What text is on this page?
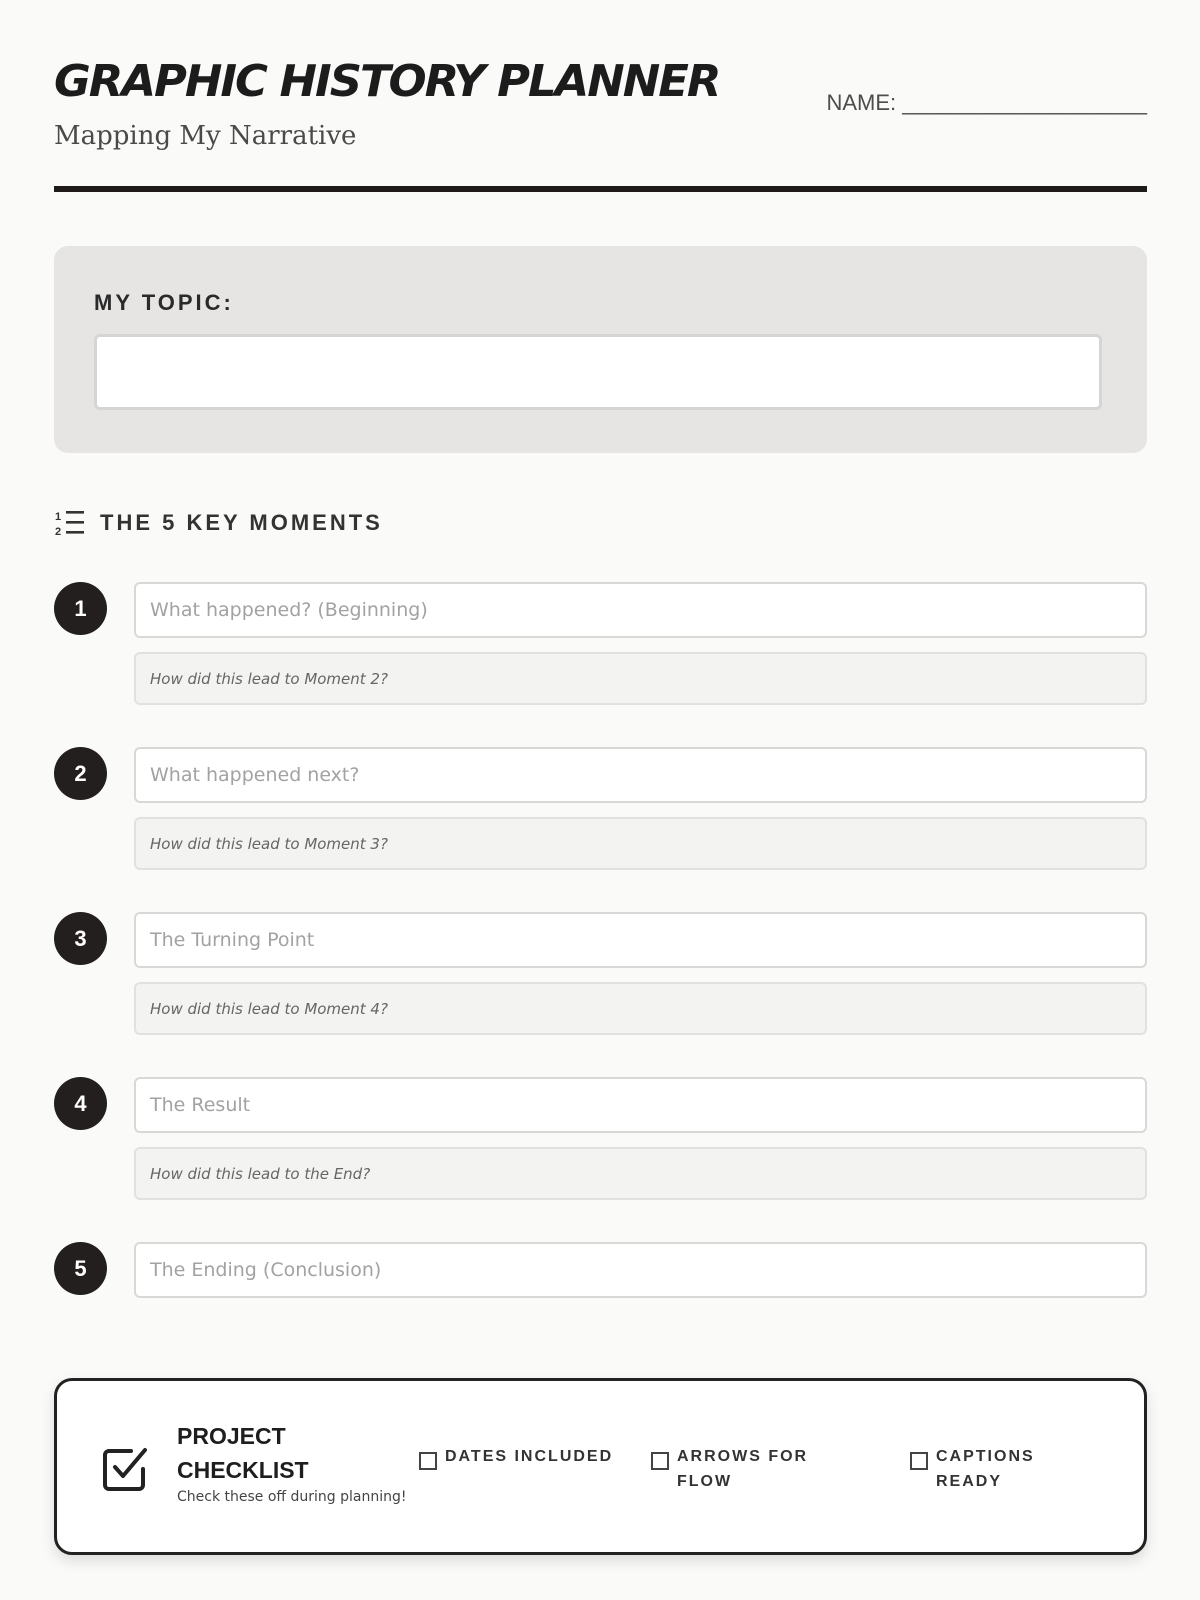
GRAPHIC HISTORY PLANNER
Mapping My Narrative
NAME: ____________________
MY TOPIC:
1
2 THE 5 KEY MOMENTS
1	What happened? (Beginning)
How did this lead to Moment 2?
2	What happened next?
How did this lead to Moment 3?
3	The Turning Point
How did this lead to Moment 4?
4	The Result
How did this lead to the End?
5	The Ending (Conclusion)
PROJECT CHECKLIST
Check these off during planning!
DATES INCLUDED	ARROWS FOR FLOW
CAPTIONS READY
